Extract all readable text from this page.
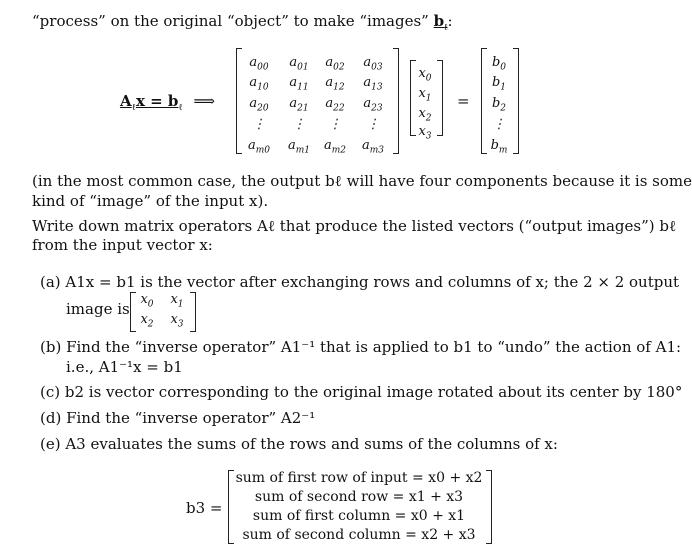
“process” on the original “object” to make “images” $b_\ell$:
$A_\ell x = b_\ell$ ⟹
$a_{00}$ $a_{01}$ $a_{02}$ $a_{03}$
$a_{10}$ $a_{11}$ $a_{12}$ $a_{13}$
$a_{20}$ $a_{21}$ $a_{22}$ $a_{23}$
⋮	⋮	⋮	⋮
$a_{m0}$ $a_{m1}$ $a_{m2}$ $a_{m3}$
$x_0$
$x_1$
$x_2$
$x_3$
=
$b_0$
$b_1$
$b_2$
⋮
$b_m$
(in the most common case, the output bℓ will have four components because it is some
kind of “image” of the input x).
Write down matrix operators Aℓ that produce the listed vectors (“output images”) bℓ
from the input vector x:
(a) A1x = b1 is the vector after exchanging rows and columns of x; the 2 × 2 output
image is
$x_0$	$x_1$
$x_2$	$x_3$
(b) Find the “inverse operator” A1⁻¹ that is applied to b1 to “undo” the action of A1:
i.e., A1⁻¹x = b1
(c) b2 is vector corresponding to the original image rotated about its center by 180°
(d) Find the “inverse operator” A2⁻¹
(e) A3 evaluates the sums of the rows and sums of the columns of x:
b3 =
sum of first row of input = x0 + x2
sum of second row = x1 + x3
sum of first column = x0 + x1
sum of second column = x2 + x3
